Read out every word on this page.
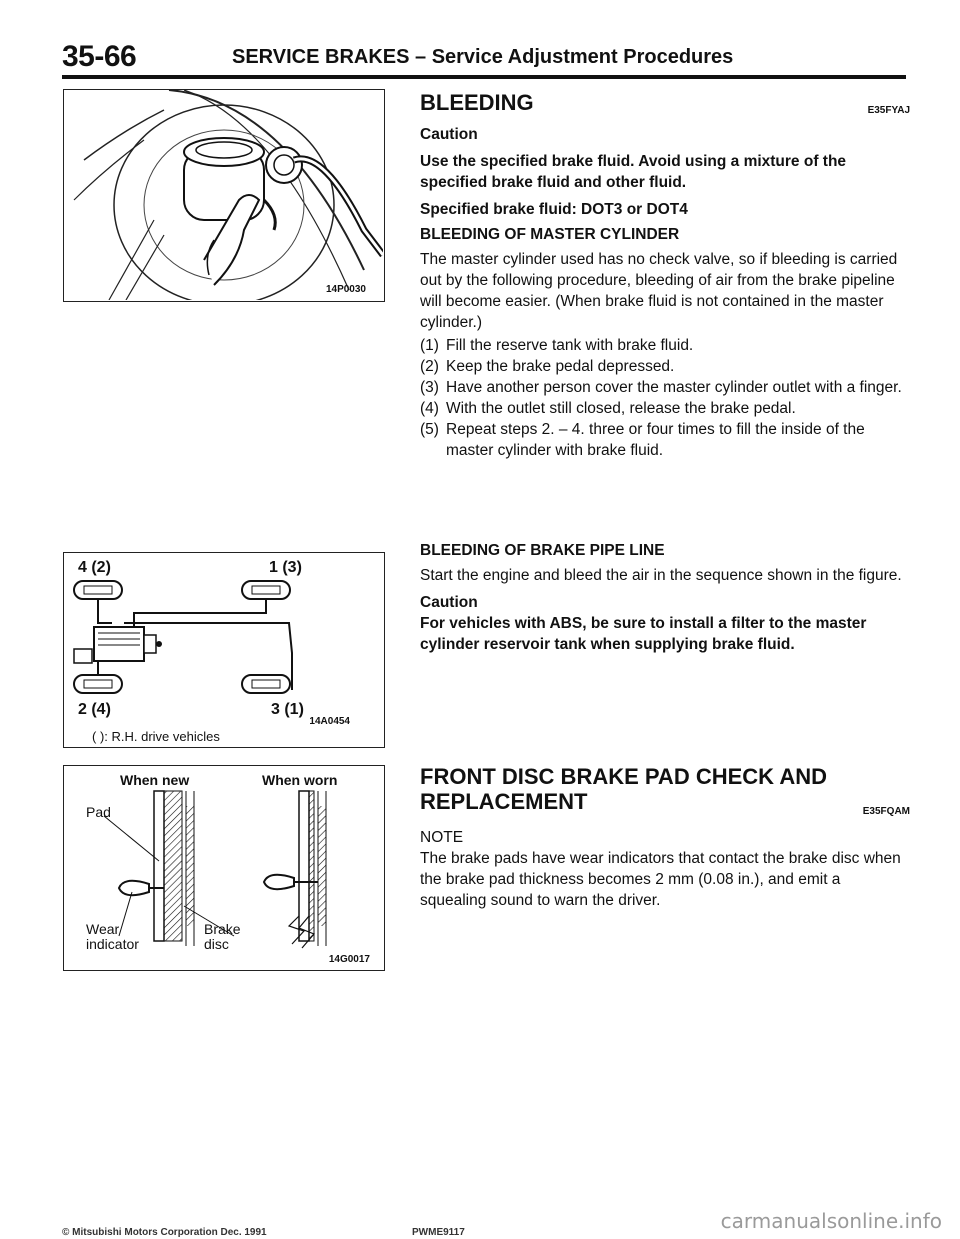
35-66	SERVICE BRAKES – Service Adjustment Procedures
14P0030
4 (2)	1 (3)
2 (4)	3 (1)
14A0454
( ): R.H. drive vehicles
When new	When worn
Pad
Wear
indicator
Brake
disc
14G0017
BLEEDING	E35FYAJ
Caution

Use the specified brake fluid. Avoid using a mixture of the specified brake fluid and other fluid.

Specified brake fluid: DOT3 or DOT4

BLEEDING OF MASTER CYLINDER

The master cylinder used has no check valve, so if bleeding is carried out by the following procedure, bleeding of air from the brake pipeline will become easier. (When brake fluid is not contained in the master cylinder.)

(1) Fill the reserve tank with brake fluid.
(2) Keep the brake pedal depressed.
(3) Have another person cover the master cylinder outlet with a finger.
(4) With the outlet still closed, release the brake pedal.
(5) Repeat steps 2. – 4. three or four times to fill the inside of the master cylinder with brake fluid.

BLEEDING OF BRAKE PIPE LINE

Start the engine and bleed the air in the sequence shown in the figure.

Caution

For vehicles with ABS, be sure to install a filter to the master cylinder reservoir tank when supplying brake fluid.

FRONT DISC BRAKE PAD CHECK AND
REPLACEMENT	E35FQAM
NOTE

The brake pads have wear indicators that contact the brake disc when the brake pad thickness becomes 2 mm (0.08 in.), and emit a squealing sound to warn the driver.

© Mitsubishi Motors Corporation Dec. 1991	PWME9117	carmanualsonline.info
